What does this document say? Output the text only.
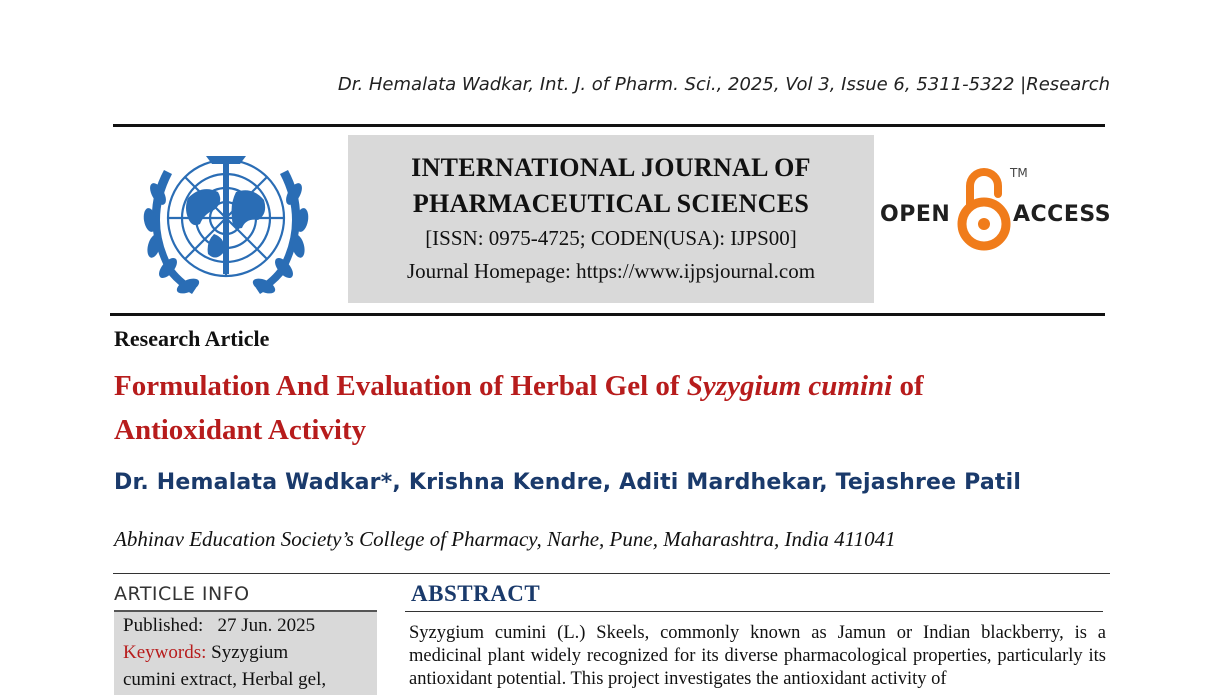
Dr. Hemalata Wadkar, Int. J. of Pharm. Sci., 2025, Vol 3, Issue 6, 5311-5322 |Research
INTERNATIONAL JOURNAL OF
PHARMACEUTICAL SCIENCES
[ISSN: 0975-4725; CODEN(USA): IJPS00]
Journal Homepage: https://www.ijpsjournal.com
OPEN
TM
ACCESS
Research Article
Formulation And Evaluation of Herbal Gel of Syzygium cumini of Antioxidant Activity
Dr. Hemalata Wadkar*, Krishna Kendre, Aditi Mardhekar, Tejashree Patil
Abhinav Education Society’s College of Pharmacy, Narhe, Pune, Maharashtra, India 411041
ARTICLE INFO
Published: 27 Jun. 2025
Keywords: Syzygium
cumini extract, Herbal gel,
ABSTRACT
Syzygium cumini (L.) Skeels, commonly known as Jamun or Indian blackberry, is a medicinal plant widely recognized for its diverse pharmacological properties, particularly its antioxidant potential. This project investigates the antioxidant activity of
